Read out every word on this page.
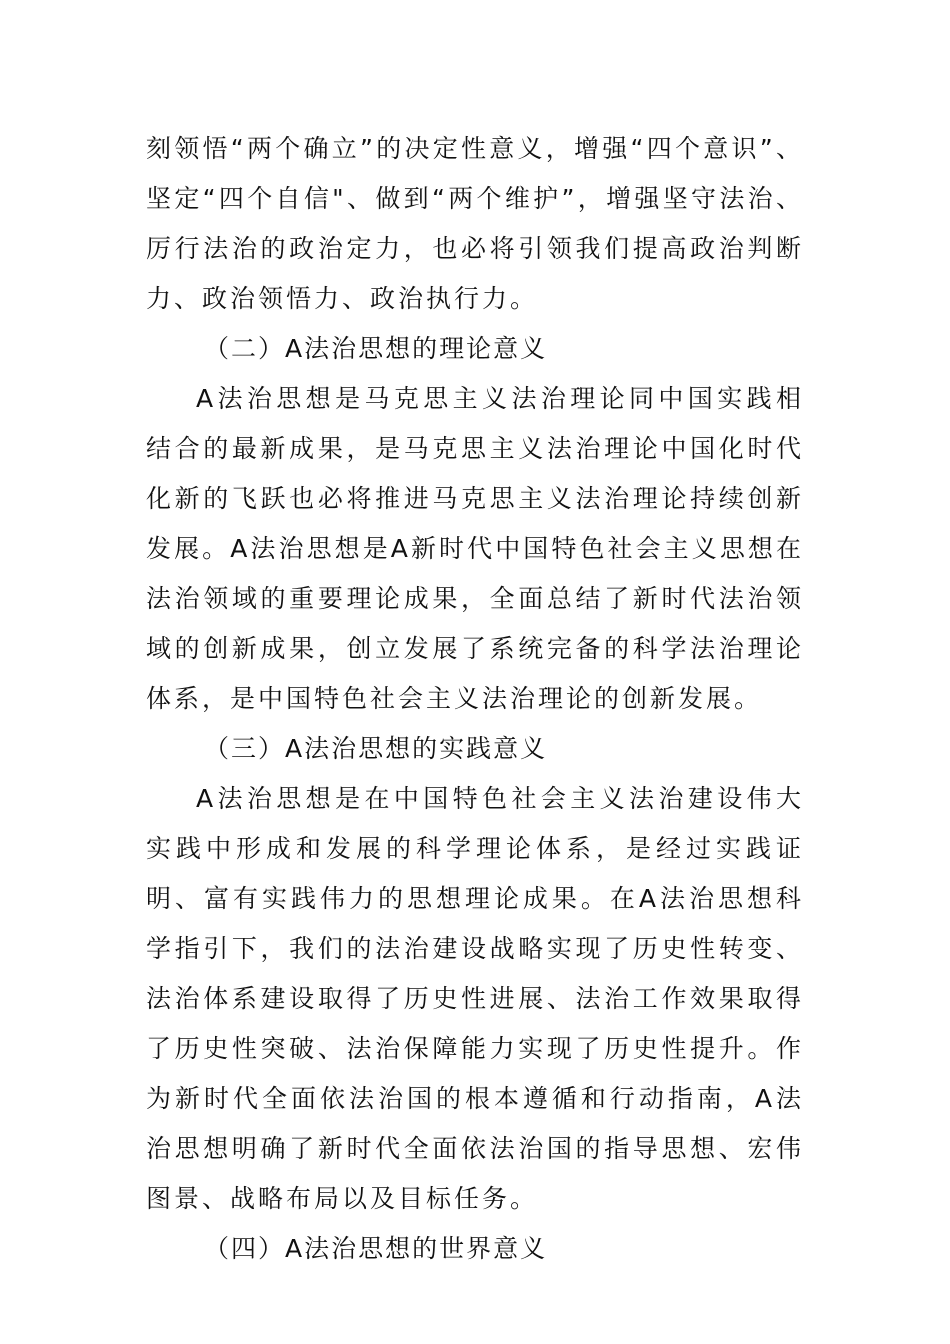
刻领悟“两个确立”的决定性意义，增强“四个意识”、坚定“四个自信"、做到“两个维护”，增强坚守法治、厉行法治的政治定力，也必将引领我们提高政治判断力、政治领悟力、政治执行力。

（二）A法治思想的理论意义

A法治思想是马克思主义法治理论同中国实践相结合的最新成果，是马克思主义法治理论中国化时代化新的飞跃也必将推进马克思主义法治理论持续创新发展。A法治思想是A新时代中国特色社会主义思想在法治领域的重要理论成果，全面总结了新时代法治领域的创新成果，创立发展了系统完备的科学法治理论体系，是中国特色社会主义法治理论的创新发展。

（三）A法治思想的实践意义

A法治思想是在中国特色社会主义法治建设伟大实践中形成和发展的科学理论体系，是经过实践证明、富有实践伟力的思想理论成果。在A法治思想科学指引下，我们的法治建设战略实现了历史性转变、法治体系建设取得了历史性进展、法治工作效果取得了历史性突破、法治保障能力实现了历史性提升。作为新时代全面依法治国的根本遵循和行动指南，A法治思想明确了新时代全面依法治国的指导思想、宏伟图景、战略布局以及目标任务。

（四）A法治思想的世界意义
